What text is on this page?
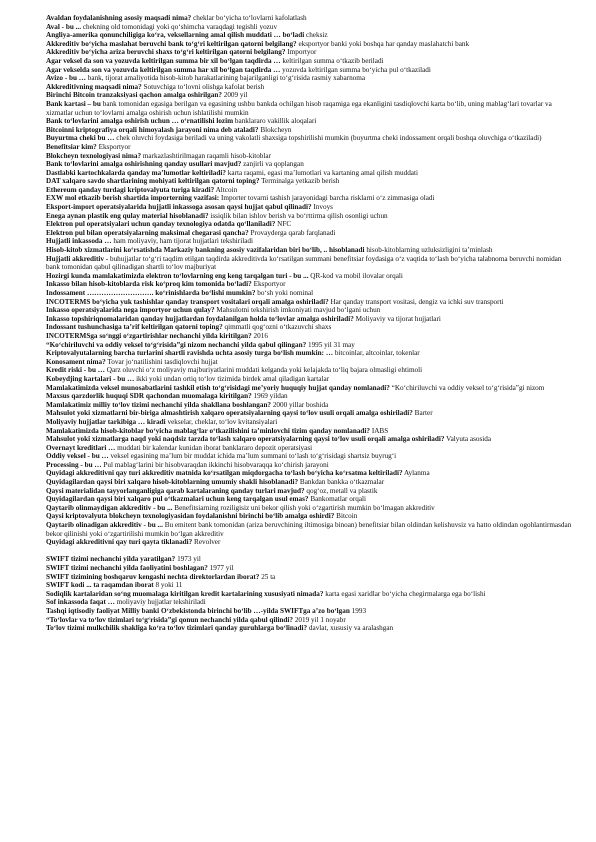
Avaldan foydalanishning asosiy maqsadi nima? cheklar bo‘yicha to‘lovlarni kafolatlash
Aval - bu ... chekning old tomonidagi yoki qo‘shimcha varaqdagi tegishli yozuv
Angliya-amerika qonunchiligiga ko‘ra, veksellarning amal qilish muddati … bo‘ladi cheksiz
Akkreditiv bo‘yicha maslahat beruvchi bank to‘g‘ri keltirilgan qatorni belgilang? eksportyor banki yoki boshqa har qanday maslahatchi bank
Akkreditiv bo‘yicha ariza beruvchi shaxs to‘g‘ri keltirilgan qatorni belgilang? Importyor
Agar veksel da son va yozuvda keltirilgan summa bir xil bo‘lgan taqdirda … keltirilgan summa o‘tkazib beriladi
Agar vekselda son va yozuvda keltirilgan summa har xil bo‘lgan taqdirda … yozuvda keltirilgan summa bo‘yicha pul o‘tkaziladi
Avizo - bu … bank, tijorat amaliyotida hisob-kitob harakatlarining bajarilganligi to‘g‘risida rasmiy xabarnoma
Akkreditivning maqsadi nima? Sotuvchiga to‘lovni olishga kafolat berish
Birinchi Bitcoin tranzaksiyasi qachon amalga oshirilgan? 2009 yil
Bank kartasi – bu bank tomonidan egasiga berilgan va egasining ushbu bankda ochilgan hisob raqamiga ega ekanligini tasdiqlovchi karta bo‘lib, uning mablag‘lari tovarlar va xizmatlar uchun to‘lovlarni amalga oshirish uchun ishlatilishi mumkin
Bank to‘lovlarini amalga oshirish uchun … o‘rnatilishi lozim banklararo vakillik aloqalari
Bitcoinni kriptografiya orqali himoyalash jarayoni nima deb ataladi? Blokcheyn
Buyurtma cheki bu … chek oluvchi foydasiga beriladi va uning vakolatli shaxsiga topshirilishi mumkin (buyurtma cheki indossament orqali boshqa oluvchiga o‘tkaziladi)
Benefitsiar kim? Eksportyor
Blokcheyn texnologiyasi nima? markazlashtirilmagan raqamli hisob-kitoblar
Bank to‘lovlarini amalga oshirishning qanday usullari mavjud? zanjirli va qoplangan
Dastlabki kartochkalarda qanday ma’lumotlar keltiriladi? karta raqami, egasi ma’lumotlari va kartaning amal qilish muddati
DAT xalqaro savdo shartlarining mohiyati keltirilgan qatorni toping? Terminalga yetkazib berish
Ethereum qanday turdagi kriptovalyuta turiga kiradi? Altcoin
EXW mol etkazib berish shartida importerning vazifasi: Importer tovarni tashish jarayonidagi barcha risklarni o‘z zimmasiga oladi
Eksport-import operatsiyalarida hujjatli inkassoga asosan qaysi hujjat qabul qilinadi? Invoys
Enega aynan plastik eng qulay material hisoblanadi? issiqlik bilan ishlov berish va bo‘rttirma qilish osonligi uchun
Elektron pul operatsiyalari uchun qanday texnologiya odatda qo‘llaniladi? NFC
Elektron pul bilan operatsiyalarning maksimal chegarasi qancha? Provayderga qarab farqlanadi
Hujjatli inkassoda … ham moliyaviy, ham tijorat hujjatlari tekshiriladi
Hisob-kitob xizmatlarini ko‘rsatishda Markaziy bankning asosiy vazifalaridan biri bo‘lib, .. hisoblanadi hisob-kitoblarning uzluksizligini ta’minlash
Hujjatli akkreditiv - buhujjatlar to‘g‘ri taqdim etilgan taqdirda akkreditivda ko‘rsatilgan summani benefitsiar foydasiga o‘z vaqtida to‘lash bo‘yicha talabnoma beruvchi nomidan bank tomonidan qabul qilinadigan shartli to‘lov majburiyat
Hozirgi kunda mamlakatimizda elektron to‘lovlarning eng keng tarqalgan turi - bu ... QR-kod va mobil ilovalar orqali
Inkasso bilan hisob-kitoblarda risk ko‘proq kim tomonida bo‘ladi? Eksportyor
Indossament ………………………. ko‘rinishlarda bo‘lishi mumkin? bo‘sh yoki nominal
INCOTERMS bo‘yicha yuk tashishlar qanday transport vositalari orqali amalga oshiriladi? Har qanday transport vositasi, dengiz va ichki suv transporti
Inkasso operatsiyalarida nega importyor uchun qulay? Mahsulotni tekshirish imkoniyati mavjud bo‘lgani uchun
Inkasso topshiriqnomalaridan qanday hujjatlardan foydalanilgan holda to‘lovlar amalga oshiriladi? Moliyaviy va tijorat hujjatlari
Indossant tushunchasiga ta’rif keltirilgan qatorni toping? qimmatli qog‘ozni o‘tkazuvchi shaxs
INCOTERMSga so‘nggi o‘zgartirishlar nechanchi yilda kiritilgan? 2016
“Ko‘chiriluvchi va oddiy veksel to‘g‘risida”gi nizom nechanchi yilda qabul qilingan? 1995 yil 31 may
Kriptovalyutalarning barcha turlarini shartli ravishda uchta asosiy turga bo‘lish mumkin: … bitcoinlar, altcoinlar, tokenlar
Konosament nima? Tovar jo‘natilishini tasdiqlovchi hujjat
Kredit riski - bu … Qarz oluvchi o‘z moliyaviy majburiyatlarini muddati kelganda yoki kelajakda to‘liq bajara olmasligi ehtimoli
Kobeydjing kartalari - bu … ikki yoki undan ortiq to‘lov tizimida birdek amal qiladigan kartalar
Mamlakatimizda veksel munosabatlarini tashkil etish to‘g‘risidagi me’yoriy huquqiy hujjat qanday nomlanadi? “Ko‘chiriluvchi va oddiy veksel to‘g‘risida”gi nizom
Maxsus qarzdorlik huquqi SDR qachondan muomalaga kiritilgan? 1969 yildan
Mamlakatimiz milliy to‘lov tizimi nechanchi yilda shakllana boshlangan? 2000 yillar boshida
Mahsulot yoki xizmatlarni bir-biriga almashtirish xalqaro operatsiyalarning qaysi to‘lov usuli orqali amalga oshiriladi? Barter
Moliyaviy hujjatlar tarkibiga … kiradi vekselar, cheklar, to‘lov kvitansiyalari
Mamlakatimizda hisob-kitoblar bo‘yicha mablag‘lar o‘tkazilishini ta’minlovchi tizim qanday nomlanadi? IABS
Mahsulot yoki xizmatlarga naqd yoki naqdsiz tarzda to‘lash xalqaro operatsiyalarning qaysi to‘lov usuli orqali amalga oshiriladi? Valyuta asosida
Overnayt kreditlari … muddati bir kalendar kunidan iborat banklararo depozit operatsiyasi
Oddiy veksel - bu … veksel egasining ma’lum bir muddat ichida ma’lum summani to‘lash to‘g‘risidagi shartsiz buyrug‘i
Processing - bu … Pul mablag‘larini bir hisobvaraqdan ikkinchi hisobvaraqqa ko‘chirish jarayoni
Quyidagi akkreditivni qay turi akkreditiv matnida ko‘rsatilgan miqdorgacha to‘lash bo‘yicha ko‘rsatma keltiriladi? Aylanma
Quyidagilardan qaysi biri xalqaro hisob-kitoblarning umumiy shakli hisoblanadi? Bankdan bankka o‘tkazmalar
Qaysi materialidan tayyorlanganligiga qarab kartalaraning qanday turlari mavjud? qog‘oz, metall va plastik
Quyidagilardan qaysi biri xalqaro pul o‘tkazmalari uchun keng tarqalgan usul emas? Bankomatlar orqali
Qaytarib olinmaydigan akkreditiv - bu ... Benefitsiarning roziligisiz uni bekor qilish yoki o‘zgartirish mumkin bo‘lmagan akkreditiv
Qaysi kriptovalyuta blokcheyn texnologiyasidan foydalanishni birinchi bo‘lib amalga oshirdi? Bitcoin
Qaytarib olinadigan akkreditiv - bu ... Bu emitent bank tomonidan (ariza beruvchining iltimosiga binoan) benefitsiar bilan oldindan kelishuvsiz va hatto oldindan ogohlantirmasdan bekor qilinishi yoki o‘zgartirilishi mumkin bo‘lgan akkreditiv
Quyidagi akkreditivni qay turi qayta tiklanadi? Revolver
SWIFT tizimi nechanchi yilda yaratilgan? 1973 yil
SWIFT tizimi nechanchi yilda faoliyatini boshlagan? 1977 yil
SWIFT tizimining boshqaruv kengashi nechta direktorlardan iborat? 25 ta
SWIFT kodi ... ta raqamdan iborat 8 yoki 11
Sodiqlik kartalaridan so‘ng muomalaga kiritilgan kredit kartalarining xususiyati nimada? karta egasi xaridlar bo‘yicha chegirmalarga ega bo‘lishi
Sof inkassoda faqat … moliyaviy hujjatlar tekshiriladi
Tashqi iqtisodiy faoliyat Milliy banki O‘zbekistonda birinchi bo‘lib …-yilda SWIFTga a’zo bo‘lgan 1993
“To‘lovlar va to‘lov tizimlari to‘g‘risida”gi qonun nechanchi yilda qabul qilindi? 2019 yil 1 noyabr
To‘lov tizimi mulkchilik shakliga ko‘ra to‘lov tizimlari qanday guruhlarga bo‘linadi? davlat, xususiy va aralashgan
